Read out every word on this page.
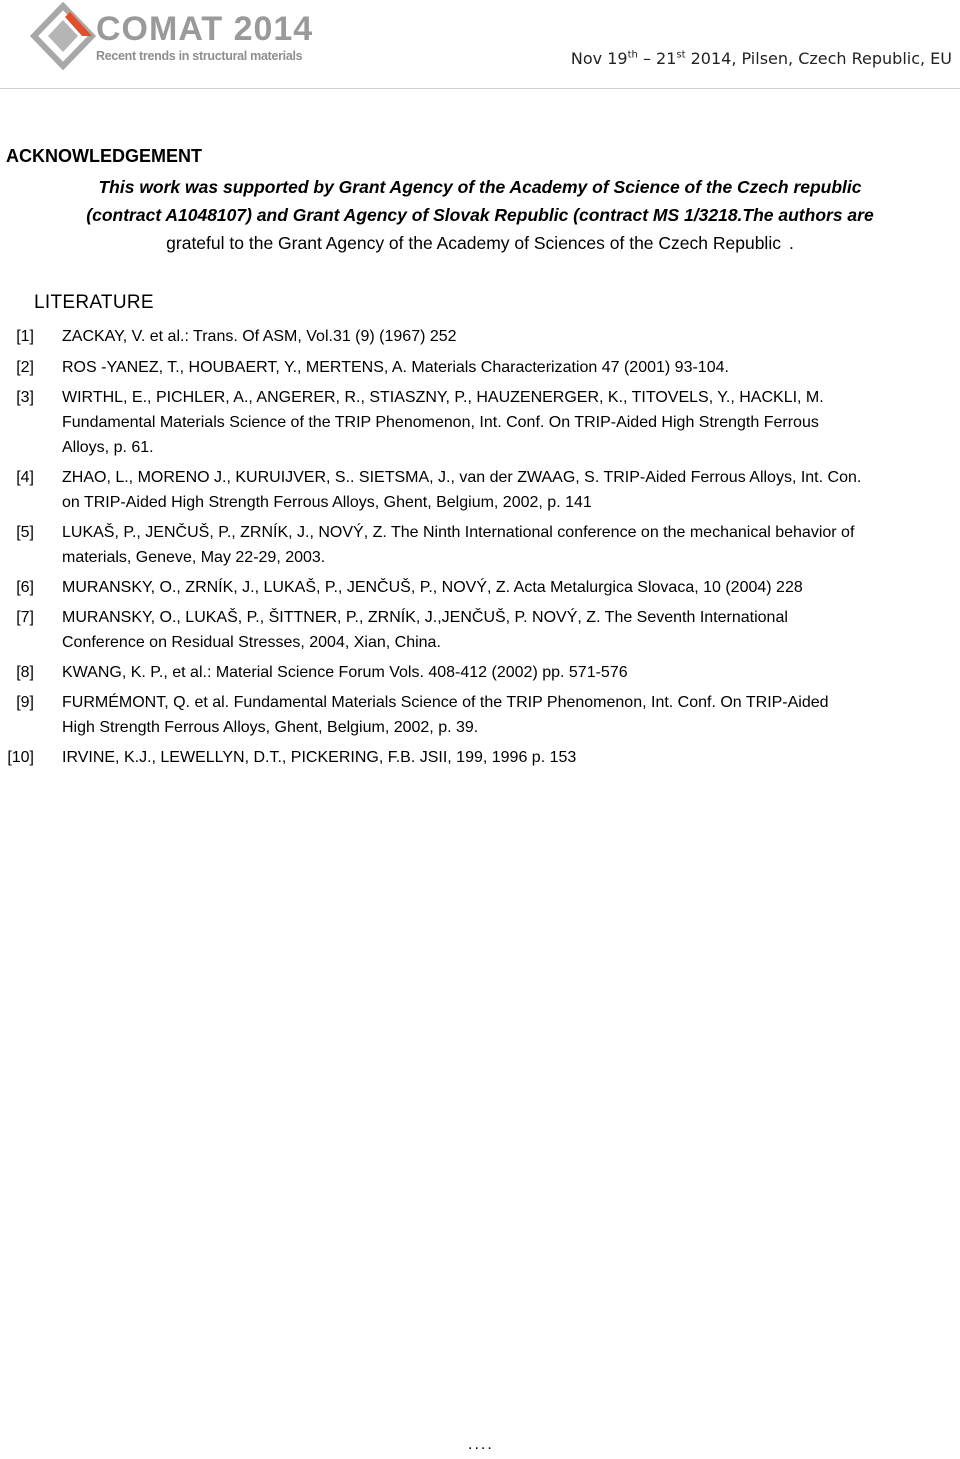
COMAT 2014
Recent trends in structural materials	Nov 19th – 21st 2014, Pilsen, Czech Republic, EU
ACKNOWLEDGEMENT
This work was supported by Grant Agency of the Academy of Science of the Czech republic
(contract A1048107) and Grant Agency of Slovak Republic (contract MS 1/3218.The authors are
grateful to the Grant Agency of the Academy of Sciences of the Czech Republic .
LITERATURE
[1] ZACKAY, V. et al.: Trans. Of ASM, Vol.31 (9) (1967) 252
[2] ROS -YANEZ, T., HOUBAERT, Y., MERTENS, A. Materials Characterization 47 (2001) 93-104.
[3] WIRTHL, E., PICHLER, A., ANGERER, R., STIASZNY, P., HAUZENERGER, K., TITOVELS, Y., HACKLI, M.
Fundamental Materials Science of the TRIP Phenomenon, Int. Conf. On TRIP-Aided High Strength Ferrous
Alloys, p. 61.
[4] ZHAO, L., MORENO J., KURUIJVER, S.. SIETSMA, J., van der ZWAAG, S. TRIP-Aided Ferrous Alloys, Int. Con.
on TRIP-Aided High Strength Ferrous Alloys, Ghent, Belgium, 2002, p. 141
[5] LUKAŠ, P., JENČUŠ, P., ZRNÍK, J., NOVÝ, Z. The Ninth International conference on the mechanical behavior of
materials, Geneve, May 22-29, 2003.
[6] MURANSKY, O., ZRNÍK, J., LUKAŠ, P., JENČUŠ, P., NOVÝ, Z. Acta Metalurgica Slovaca, 10 (2004) 228
[7] MURANSKY, O., LUKAŠ, P., ŠITTNER, P., ZRNÍK, J.,JENČUŠ, P. NOVÝ, Z. The Seventh International
Conference on Residual Stresses, 2004, Xian, China.
[8] KWANG, K. P., et al.: Material Science Forum Vols. 408-412 (2002) pp. 571-576
[9] FURMÉMONT, Q. et al. Fundamental Materials Science of the TRIP Phenomenon, Int. Conf. On TRIP-Aided
High Strength Ferrous Alloys, Ghent, Belgium, 2002, p. 39.
[10] IRVINE, K.J., LEWELLYN, D.T., PICKERING, F.B. JSII, 199, 1996 p. 153
....
